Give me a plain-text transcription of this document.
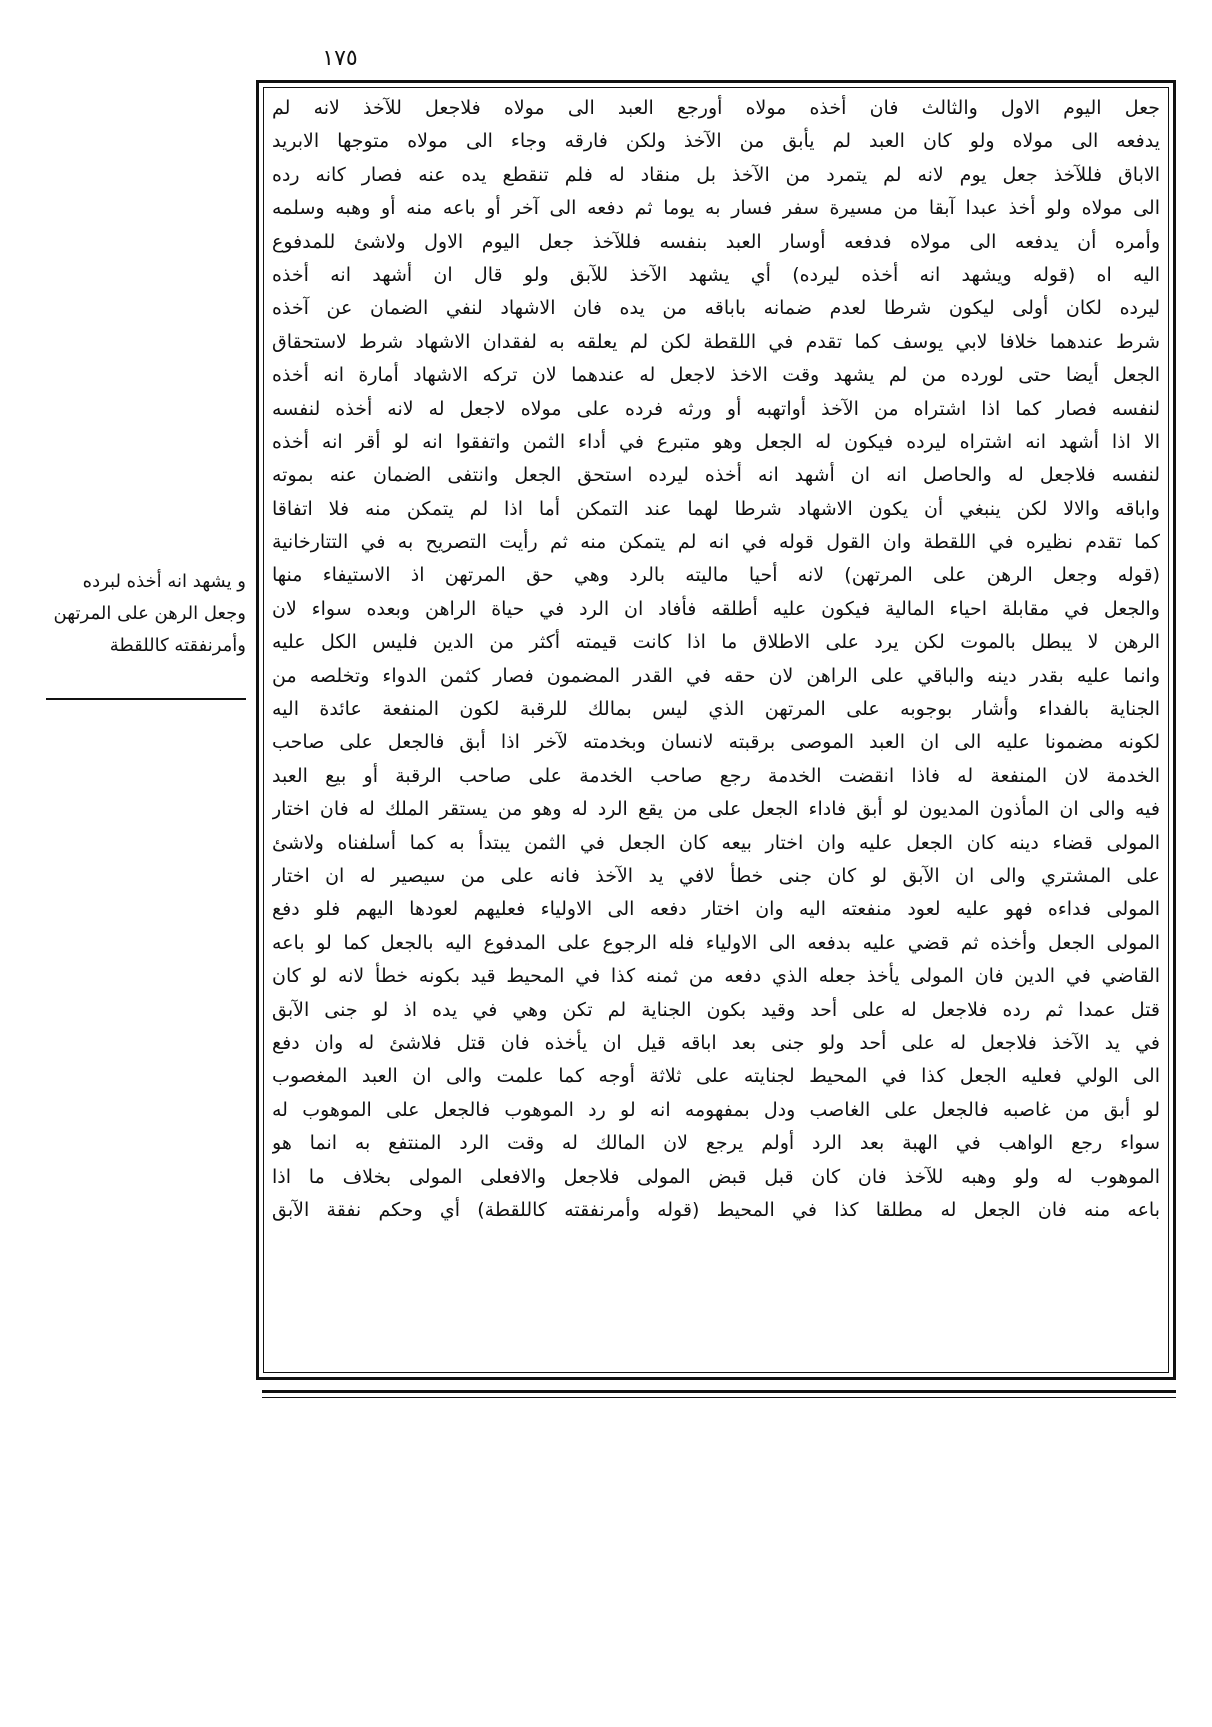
١٧٥
جعل اليوم الاول والثالث فان أخذه مولاه أورجع العبد الى مولاه فلاجعل للآخذ لانه لم
يدفعه الى مولاه ولو كان العبد لم يأبق من الآخذ ولكن فارقه وجاء الى مولاه متوجها الابريد
الاباق فللآخذ جعل يوم لانه لم يتمرد من الآخذ بل منقاد له فلم تنقطع يده عنه فصار كانه رده
الى مولاه ولو أخذ عبدا آبقا من مسيرة سفر فسار به يوما ثم دفعه الى آخر أو باعه منه أو وهبه وسلمه
وأمره أن يدفعه الى مولاه فدفعه أوسار العبد بنفسه فللآخذ جعل اليوم الاول ولاشئ للمدفوع
اليه اه (قوله ويشهد انه أخذه ليرده) أي يشهد الآخذ للآبق ولو قال ان أشهد انه أخذه
ليرده لكان أولى ليكون شرطا لعدم ضمانه باباقه من يده فان الاشهاد لنفي الضمان عن آخذه
شرط عندهما خلافا لابي يوسف كما تقدم في اللقطة لكن لم يعلقه به لفقدان الاشهاد شرط لاستحقاق
الجعل أيضا حتى لورده من لم يشهد وقت الاخذ لاجعل له عندهما لان تركه الاشهاد أمارة انه أخذه
لنفسه فصار كما اذا اشتراه من الآخذ أواتهبه أو ورثه فرده على مولاه لاجعل له لانه أخذه لنفسه
الا اذا أشهد انه اشتراه ليرده فيكون له الجعل وهو متبرع في أداء الثمن واتفقوا انه لو أقر انه أخذه
لنفسه فلاجعل له والحاصل انه ان أشهد انه أخذه ليرده استحق الجعل وانتفى الضمان عنه بموته
واباقه والالا لكن ينبغي أن يكون الاشهاد شرطا لهما عند التمكن أما اذا لم يتمكن منه فلا اتفاقا
كما تقدم نظيره في اللقطة وان القول قوله في انه لم يتمكن منه ثم رأيت التصريح به في التتارخانية
(قوله وجعل الرهن على المرتهن) لانه أحيا ماليته بالرد وهي حق المرتهن اذ الاستيفاء منها
والجعل في مقابلة احياء المالية فيكون عليه أطلقه فأفاد ان الرد في حياة الراهن وبعده سواء لان
الرهن لا يبطل بالموت لكن يرد على الاطلاق ما اذا كانت قيمته أكثر من الدين فليس الكل عليه
وانما عليه بقدر دينه والباقي على الراهن لان حقه في القدر المضمون فصار كثمن الدواء وتخلصه من
الجناية بالفداء وأشار بوجوبه على المرتهن الذي ليس بمالك للرقبة لكون المنفعة عائدة اليه
لكونه مضمونا عليه الى ان العبد الموصى برقبته لانسان وبخدمته لآخر اذا أبق فالجعل على صاحب
الخدمة لان المنفعة له فاذا انقضت الخدمة رجع صاحب الخدمة على صاحب الرقبة أو بيع العبد
فيه والى ان المأذون المديون لو أبق فاداء الجعل على من يقع الرد له وهو من يستقر الملك له فان اختار
المولى قضاء دينه كان الجعل عليه وان اختار بيعه كان الجعل في الثمن يبتدأ به كما أسلفناه ولاشئ
على المشتري والى ان الآبق لو كان جنى خطأ لافي يد الآخذ فانه على من سيصير له ان اختار
المولى فداءه فهو عليه لعود منفعته اليه وان اختار دفعه الى الاولياء فعليهم لعودها اليهم فلو دفع
المولى الجعل وأخذه ثم قضي عليه بدفعه الى الاولياء فله الرجوع على المدفوع اليه بالجعل كما لو باعه
القاضي في الدين فان المولى يأخذ جعله الذي دفعه من ثمنه كذا في المحيط قيد بكونه خطأ لانه لو كان
قتل عمدا ثم رده فلاجعل له على أحد وقيد بكون الجناية لم تكن وهي في يده اذ لو جنى الآبق
في يد الآخذ فلاجعل له على أحد ولو جنى بعد اباقه قيل ان يأخذه فان قتل فلاشئ له وان دفع
الى الولي فعليه الجعل كذا في المحيط لجنايته على ثلاثة أوجه كما علمت والى ان العبد المغصوب
لو أبق من غاصبه فالجعل على الغاصب ودل بمفهومه انه لو رد الموهوب فالجعل على الموهوب له
سواء رجع الواهب في الهبة بعد الرد أولم يرجع لان المالك له وقت الرد المنتفع به انما هو
الموهوب له ولو وهبه للآخذ فان كان قبل قبض المولى فلاجعل والافعلى المولى بخلاف ما اذا
باعه منه فان الجعل له مطلقا كذا في المحيط (قوله وأمرنفقته كاللقطة) أي وحكم نفقة الآبق
و يشهد انه أخذه لبرده
وجعل الرهن على المرتهن
وأمرنفقته كاللقطة
